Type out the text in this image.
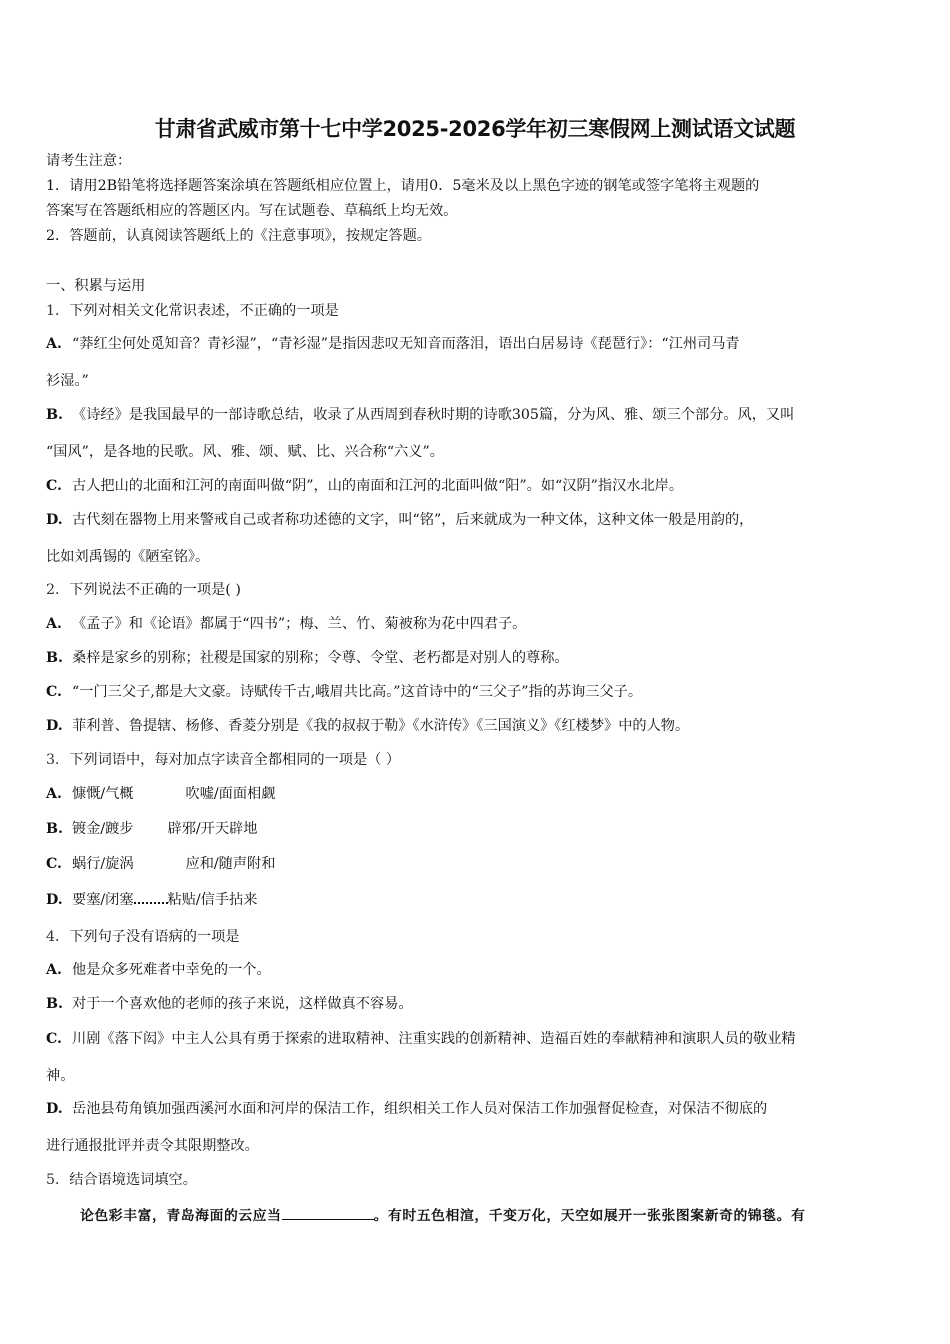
甘肃省武威市第十七中学2025-2026学年初三寒假网上测试语文试题
请考生注意：
1．请用2B铅笔将选择题答案涂填在答题纸相应位置上，请用0．5毫米及以上黑色字迹的钢笔或签字笔将主观题的
答案写在答题纸相应的答题区内。写在试题卷、草稿纸上均无效。
2．答题前，认真阅读答题纸上的《注意事项》，按规定答题。
一、积累与运用
1．下列对相关文化常识表述，不正确的一项是
A. “莽红尘何处觅知音？青衫湿”，“青衫湿”是指因悲叹无知音而落泪，语出白居易诗《琵琶行》：“江州司马青
衫湿。”
B. 《诗经》是我国最早的一部诗歌总结，收录了从西周到春秋时期的诗歌305篇，分为风、雅、颂三个部分。风，又叫
“国风”，是各地的民歌。风、雅、颂、赋、比、兴合称“六义”。
C. 古人把山的北面和江河的南面叫做“阴”，山的南面和江河的北面叫做“阳”。如“汉阴”指汉水北岸。
D. 古代刻在器物上用来警戒自己或者称功述德的文字，叫“铭”，后来就成为一种文体，这种文体一般是用韵的，
比如刘禹锡的《陋室铭》。
2．下列说法不正确的一项是( )
A. 《孟子》和《论语》都属于“四书”；梅、兰、竹、菊被称为花中四君子。
B. 桑梓是家乡的别称；社稷是国家的别称；令尊、令堂、老朽都是对别人的尊称。
C. “一门三父子,都是大文豪。诗赋传千古,峨眉共比高。”这首诗中的“三父子”指的苏询三父子。
D. 菲利普、鲁提辖、杨修、香菱分别是《我的叔叔于勒》《水浒传》《三国演义》《红楼梦》中的人物。
3．下列词语中，每对加点字读音全都相同的一项是（ ）
A. 慷慨/气概	吹嘘/面面相觑
B. 镀金/踱步 辟邪/开天辟地
C. 蜗行/旋涡	应和/随声附和
D. 要塞/闭塞 粘贴/信手拈来
4．下列句子没有语病的一项是
A. 他是众多死难者中幸免的一个。
B. 对于一个喜欢他的老师的孩子来说，这样做真不容易。
C. 川剧《落下闳》中主人公具有勇于探索的进取精神、注重实践的创新精神、造福百姓的奉献精神和演职人员的敬业精
神。
D. 岳池县苟角镇加强西溪河水面和河岸的保洁工作，组织相关工作人员对保洁工作加强督促检查，对保洁不彻底的
进行通报批评并责令其限期整改。
5．结合语境选词填空。
论色彩丰富，青岛海面的云应当	。有时五色相渲，千变万化，天空如展开一张张图案新奇的锦毯。有
